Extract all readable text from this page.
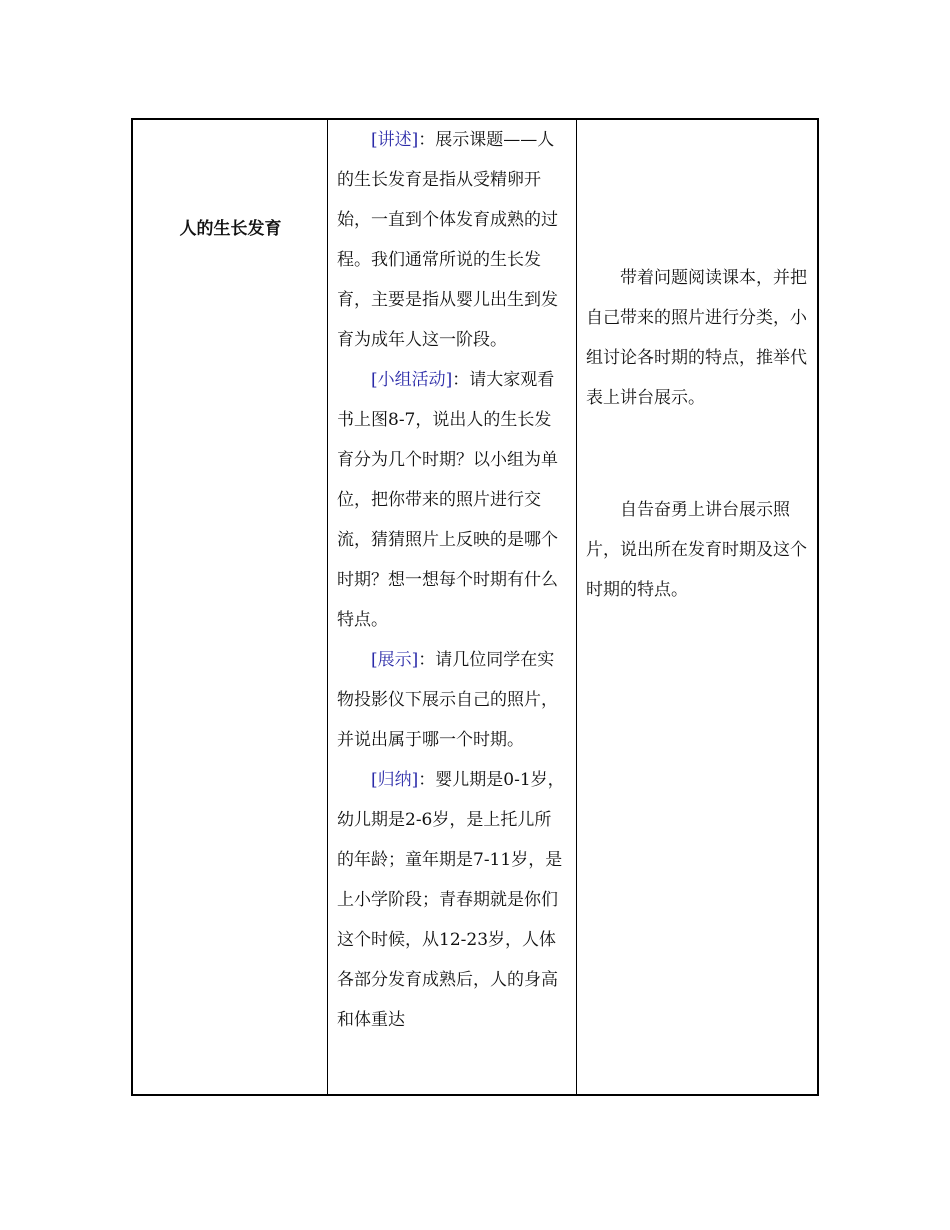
人的生长发育

[讲述]：展示课题——人的生长发育是指从受精卵开始，一直到个体发育成熟的过程。我们通常所说的生长发育，主要是指从婴儿出生到发育为成年人这一阶段。

[小组活动]：请大家观看书上图8-7，说出人的生长发育分为几个时期？以小组为单位，把你带来的照片进行交流，猜猜照片上反映的是哪个时期？想一想每个时期有什么特点。

[展示]：请几位同学在实物投影仪下展示自己的照片，并说出属于哪一个时期。

[归纳]：婴儿期是0-1岁，幼儿期是2-6岁，是上托儿所的年龄；童年期是7-11岁，是上小学阶段；青春期就是你们这个时候，从12-23岁，人体各部分发育成熟后，人的身高和体重达

带着问题阅读课本，并把自己带来的照片进行分类，小组讨论各时期的特点，推举代表上讲台展示。

自告奋勇上讲台展示照片，说出所在发育时期及这个时期的特点。
